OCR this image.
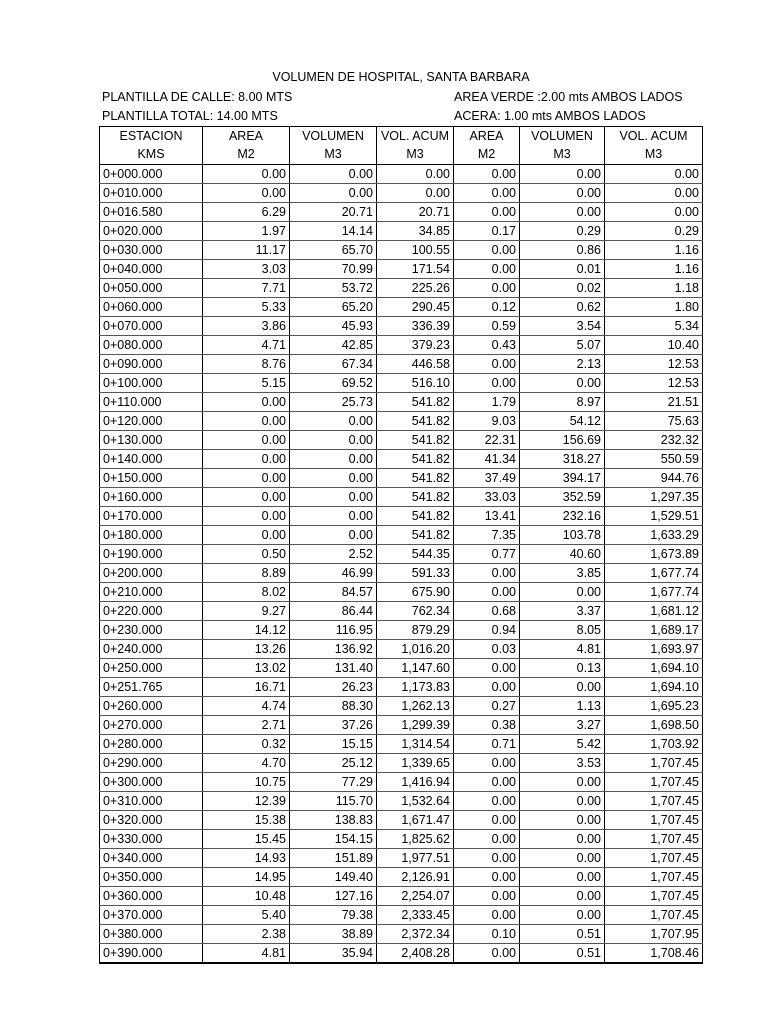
VOLUMEN DE HOSPITAL, SANTA BARBARA
PLANTILLA DE CALLE: 8.00 MTS	AREA VERDE :2.00 mts AMBOS LADOS
PLANTILLA TOTAL: 14.00 MTS	ACERA: 1.00 mts AMBOS LADOS
ESTACION	AREA	VOLUMEN	VOL. ACUM	AREA	VOLUMEN	VOL. ACUM
KMS	M2	M3	M3	M2	M3	M3
0+000.000	0.00	0.00	0.00	0.00	0.00	0.00
0+010.000	0.00	0.00	0.00	0.00	0.00	0.00
0+016.580	6.29	20.71	20.71	0.00	0.00	0.00
0+020.000	1.97	14.14	34.85	0.17	0.29	0.29
0+030.000	11.17	65.70	100.55	0.00	0.86	1.16
0+040.000	3.03	70.99	171.54	0.00	0.01	1.16
0+050.000	7.71	53.72	225.26	0.00	0.02	1.18
0+060.000	5.33	65.20	290.45	0.12	0.62	1.80
0+070.000	3.86	45.93	336.39	0.59	3.54	5.34
0+080.000	4.71	42.85	379.23	0.43	5.07	10.40
0+090.000	8.76	67.34	446.58	0.00	2.13	12.53
0+100.000	5.15	69.52	516.10	0.00	0.00	12.53
0+110.000	0.00	25.73	541.82	1.79	8.97	21.51
0+120.000	0.00	0.00	541.82	9.03	54.12	75.63
0+130.000	0.00	0.00	541.82	22.31	156.69	232.32
0+140.000	0.00	0.00	541.82	41.34	318.27	550.59
0+150.000	0.00	0.00	541.82	37.49	394.17	944.76
0+160.000	0.00	0.00	541.82	33.03	352.59	1,297.35
0+170.000	0.00	0.00	541.82	13.41	232.16	1,529.51
0+180.000	0.00	0.00	541.82	7.35	103.78	1,633.29
0+190.000	0.50	2.52	544.35	0.77	40.60	1,673.89
0+200.000	8.89	46.99	591.33	0.00	3.85	1,677.74
0+210.000	8.02	84.57	675.90	0.00	0.00	1,677.74
0+220.000	9.27	86.44	762.34	0.68	3.37	1,681.12
0+230.000	14.12	116.95	879.29	0.94	8.05	1,689.17
0+240.000	13.26	136.92	1,016.20	0.03	4.81	1,693.97
0+250.000	13.02	131.40	1,147.60	0.00	0.13	1,694.10
0+251.765	16.71	26.23	1,173.83	0.00	0.00	1,694.10
0+260.000	4.74	88.30	1,262.13	0.27	1.13	1,695.23
0+270.000	2.71	37.26	1,299.39	0.38	3.27	1,698.50
0+280.000	0.32	15.15	1,314.54	0.71	5.42	1,703.92
0+290.000	4.70	25.12	1,339.65	0.00	3.53	1,707.45
0+300.000	10.75	77.29	1,416.94	0.00	0.00	1,707.45
0+310.000	12.39	115.70	1,532.64	0.00	0.00	1,707.45
0+320.000	15.38	138.83	1,671.47	0.00	0.00	1,707.45
0+330.000	15.45	154.15	1,825.62	0.00	0.00	1,707.45
0+340.000	14.93	151.89	1,977.51	0.00	0.00	1,707.45
0+350.000	14.95	149.40	2,126.91	0.00	0.00	1,707.45
0+360.000	10.48	127.16	2,254.07	0.00	0.00	1,707.45
0+370.000	5.40	79.38	2,333.45	0.00	0.00	1,707.45
0+380.000	2.38	38.89	2,372.34	0.10	0.51	1,707.95
0+390.000	4.81	35.94	2,408.28	0.00	0.51	1,708.46
